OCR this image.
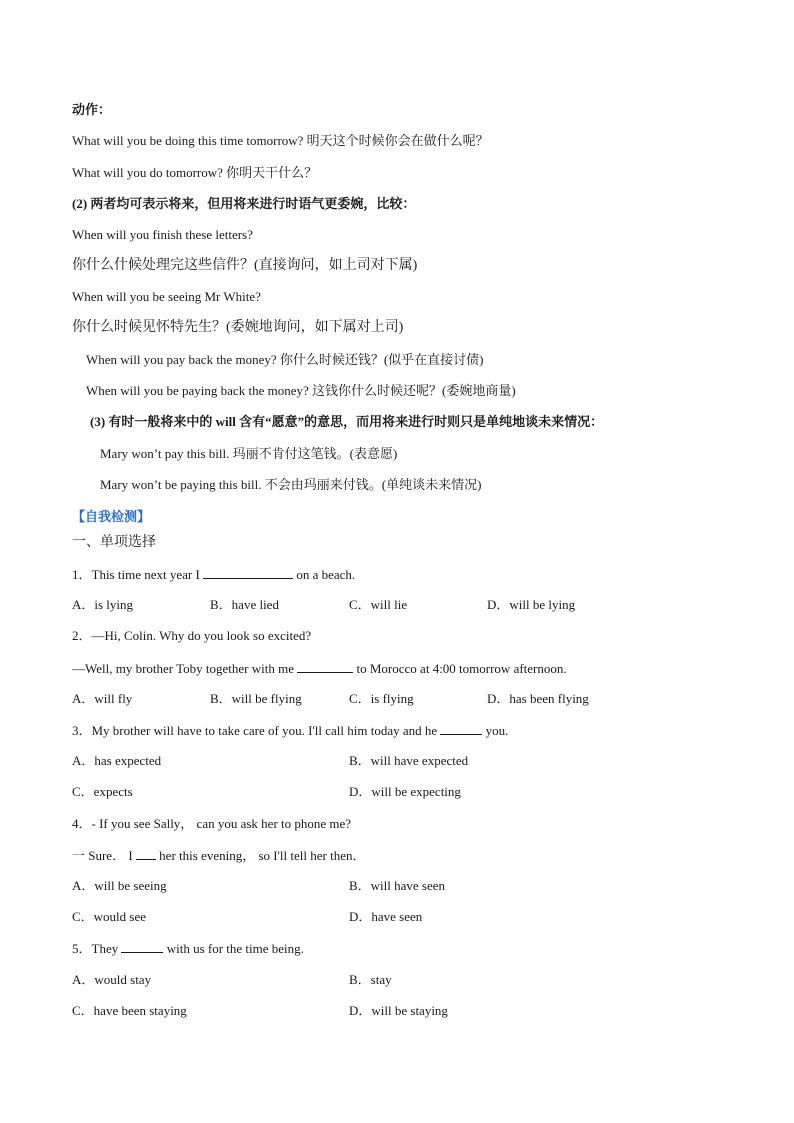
动作：
What will you be doing this time tomorrow? 明天这个时候你会在做什么呢？
What will you do tomorrow? 你明天干什么？
(2) 两者均可表示将来，但用将来进行时语气更委婉，比较：
When will you finish these letters?
你什么什候处理完这些信件？(直接询问，如上司对下属)
When will you be seeing Mr White?
你什么时候见怀特先生？(委婉地询问，如下属对上司)
When will you pay back the money? 你什么时候还钱？(似乎在直接讨债)
When will you be paying back the money? 这钱你什么时候还呢？(委婉地商量)
(3) 有时一般将来中的 will 含有“愿意”的意思，而用将来进行时则只是单纯地谈未来情况：
Mary won’t pay this bill. 玛丽不肯付这笔钱。(表意愿)
Mary won’t be paying this bill. 不会由玛丽来付钱。(单纯谈未来情况)
【自我检测】
一、单项选择
1．This time next year I	on a beach.
A．is lying	B．have lied	C．will lie	D．will be lying
2．—Hi, Colin. Why do you look so excited?
—Well, my brother Toby together with me	to Morocco at 4:00 tomorrow afternoon.
A．will fly	B．will be flying	C．is flying	D．has been flying
3．My brother will have to take care of you. I'll call him today and he	you.
A．has expected	B．will have expected
C．expects	D．will be expecting
4．- If you see Sally， can you ask her to phone me?
一 Sure． I  her this evening， so I'll tell her then．
A．will be seeing	B．will have seen
C．would see	D．have seen
5．They	with us for the time being.
A．would stay	B．stay
C．have been staying	D．will be staying
